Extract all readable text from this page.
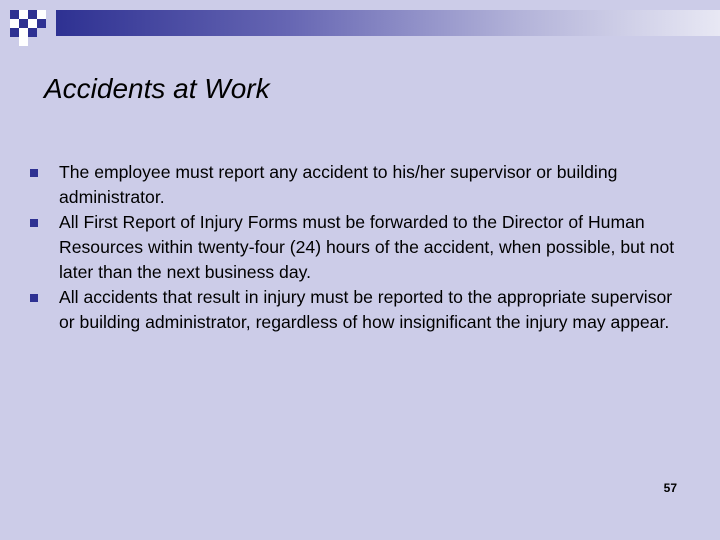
Accidents at Work
The employee must report any accident to his/her supervisor or building administrator.
All First Report of Injury Forms must be forwarded to the Director of Human Resources within twenty-four (24) hours of the accident, when possible, but not later than the next business day.
All accidents that result in injury must be reported to the appropriate supervisor or building administrator, regardless of how insignificant the injury may appear.
57
